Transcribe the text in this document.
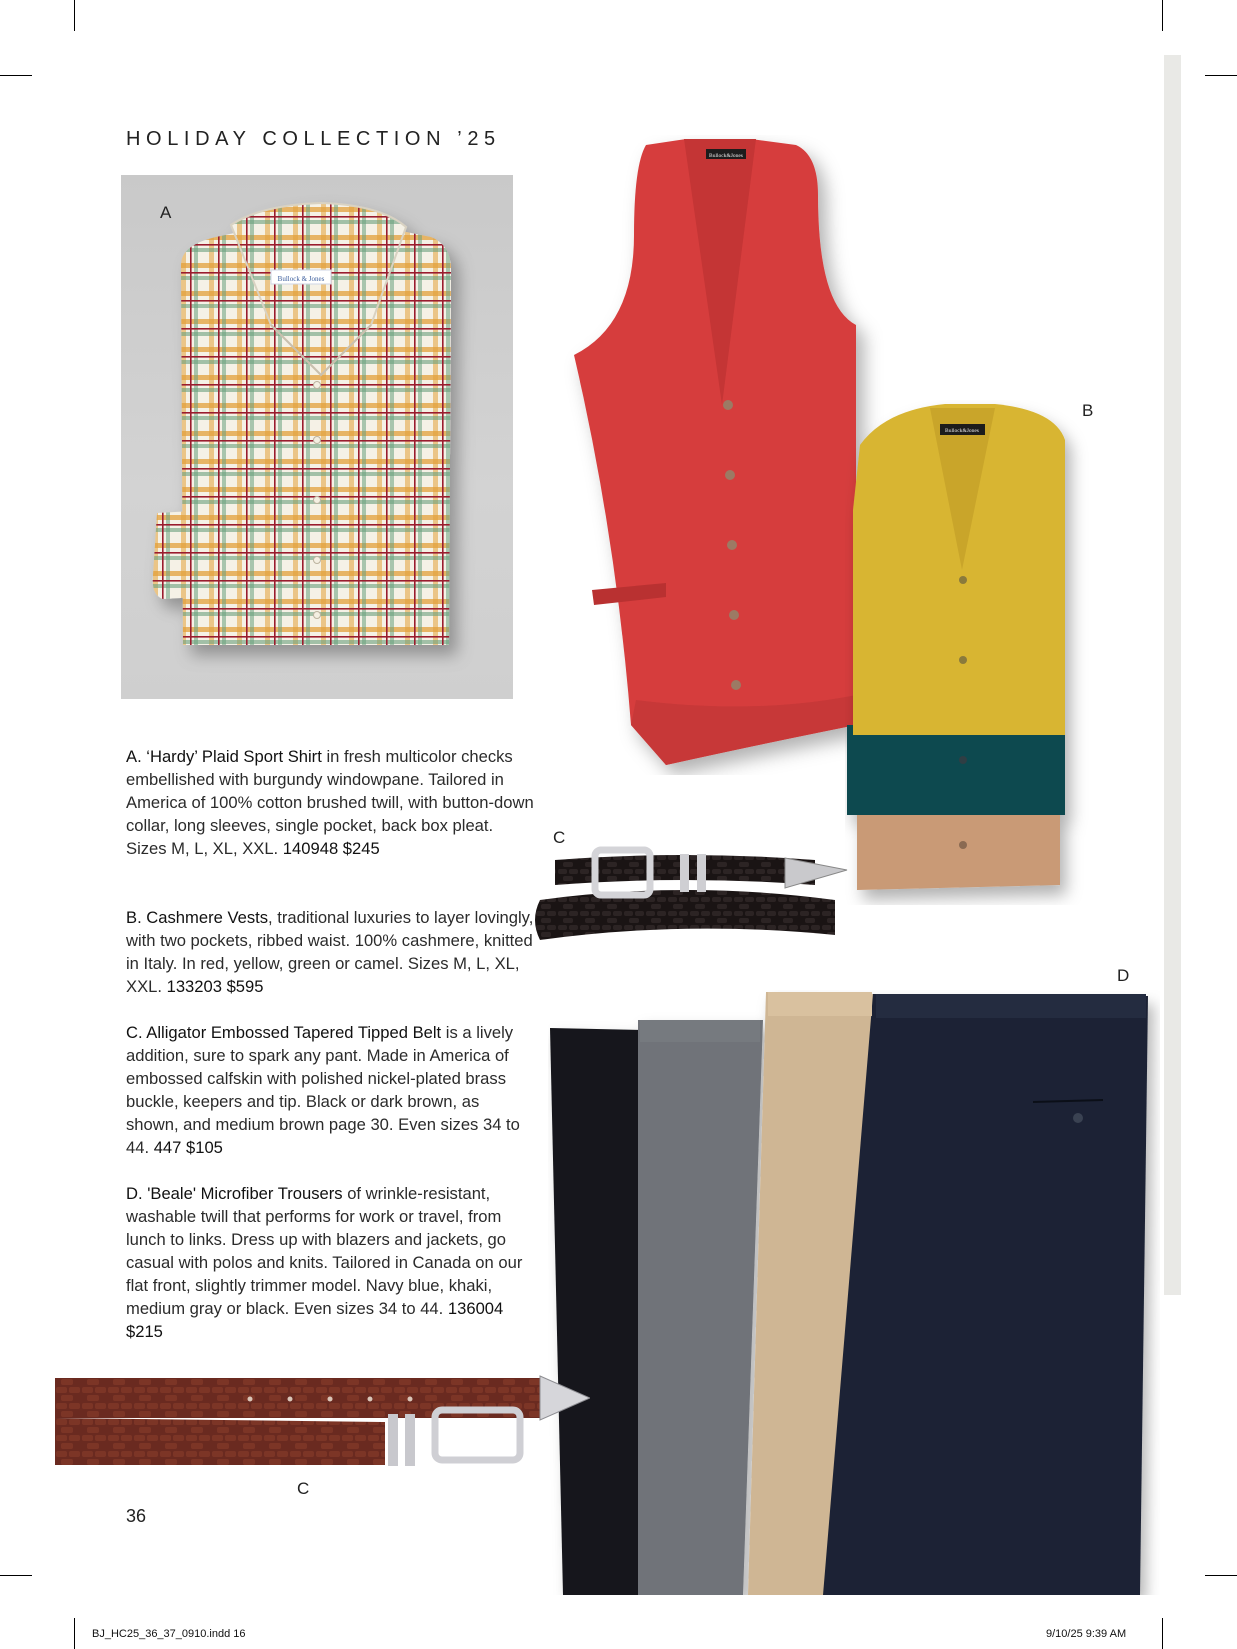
HOLIDAY COLLECTION ’25
Bullock & Jones
A
Bullock&Jones
Bullock&Jones
B
C
D
C
A. ‘Hardy’ Plaid Sport Shirt in fresh multicolor checks embellished with burgundy windowpane. Tailored in America of 100% cotton brushed twill, with button-down collar, long sleeves, single pocket, back box pleat. Sizes M, L, XL, XXL. 140948 $245
B. Cashmere Vests, traditional luxuries to layer lovingly, with two pockets, ribbed waist. 100% cashmere, knitted in Italy. In red, yellow, green or camel. Sizes M, L, XL, XXL. 133203 $595
C. Alligator Embossed Tapered Tipped Belt is a lively addition, sure to spark any pant. Made in America of embossed calfskin with polished nickel-plated brass buckle, keepers and tip. Black or dark brown, as shown, and medium brown page 30. Even sizes 34 to 44. 447 $105
D. 'Beale' Microfiber Trousers of wrinkle-resistant, washable twill that performs for work or travel, from lunch to links. Dress up with blazers and jackets, go casual with polos and knits. Tailored in Canada on our flat front, slightly trimmer model. Navy blue, khaki, medium gray or black. Even sizes 34 to 44. 136004 $215
36
BJ_HC25_36_37_0910.indd 16	9/10/25 9:39 AM
